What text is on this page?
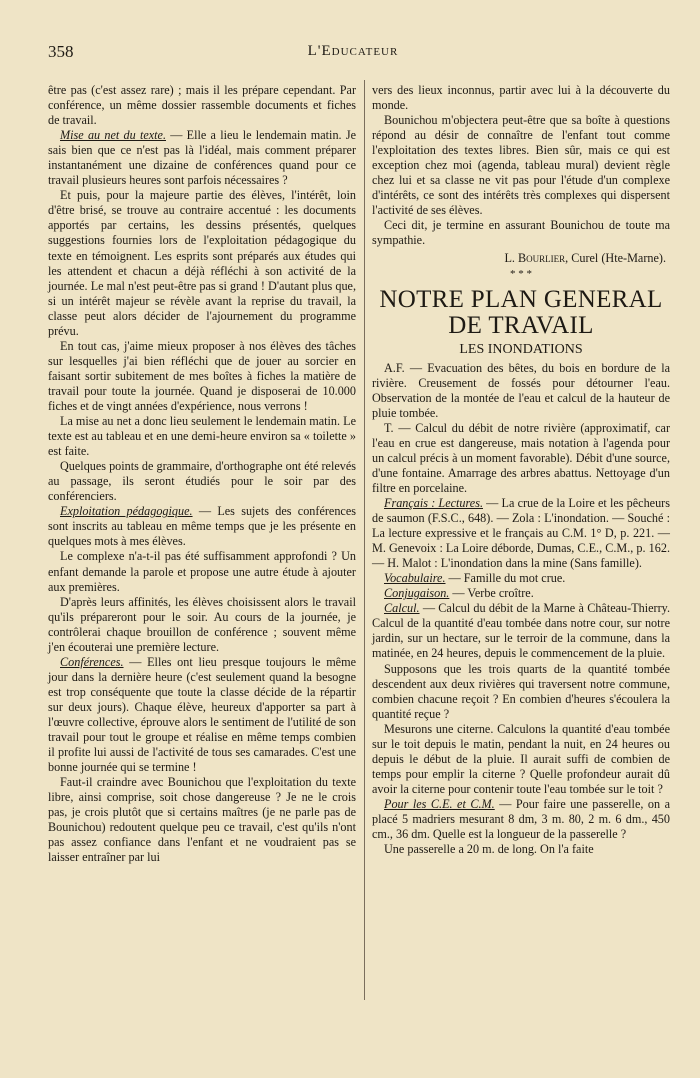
358	L'Educateur

être pas (c'est assez rare) ; mais il les prépare cependant. Par conférence, un même dossier rassemble documents et fiches de travail.

Mise au net du texte. — Elle a lieu le lendemain matin. Je sais bien que ce n'est pas là l'idéal, mais comment préparer instantanément une dizaine de conférences quand pour ce travail plusieurs heures sont parfois nécessaires ?

Et puis, pour la majeure partie des élèves, l'intérêt, loin d'être brisé, se trouve au contraire accentué : les documents apportés par certains, les dessins présentés, quelques suggestions fournies lors de l'exploitation pédagogique du texte en témoignent. Les esprits sont préparés aux études qui les attendent et chacun a déjà réfléchi à son activité de la journée. Le mal n'est peut-être pas si grand ! D'autant plus que, si un intérêt majeur se révèle avant la reprise du travail, la classe peut alors décider de l'ajournement du programme prévu.

En tout cas, j'aime mieux proposer à nos élèves des tâches sur lesquelles j'ai bien réfléchi que de jouer au sorcier en faisant sortir subitement de mes boîtes à fiches la matière de travail pour toute la journée. Quand je disposerai de 10.000 fiches et de vingt années d'expérience, nous verrons !

La mise au net a donc lieu seulement le lendemain matin. Le texte est au tableau et en une demi-heure environ sa « toilette » est faite.

Quelques points de grammaire, d'orthographe ont été relevés au passage, ils seront étudiés pour le soir par des conférenciers.

Exploitation pédagogique. — Les sujets des conférences sont inscrits au tableau en même temps que je les présente en quelques mots à mes élèves.

Le complexe n'a-t-il pas été suffisamment approfondi ? Un enfant demande la parole et propose une autre étude à ajouter aux premières.

D'après leurs affinités, les élèves choisissent alors le travail qu'ils prépareront pour le soir. Au cours de la journée, je contrôlerai chaque brouillon de conférence ; souvent même j'en écouterai une première lecture.

Conférences. — Elles ont lieu presque toujours le même jour dans la dernière heure (c'est seulement quand la besogne est trop conséquente que toute la classe décide de la répartir sur deux jours). Chaque élève, heureux d'apporter sa part à l'œuvre collective, éprouve alors le sentiment de l'utilité de son travail pour tout le groupe et réalise en même temps combien il profite lui aussi de l'activité de tous ses camarades. C'est une bonne journée qui se termine !

Faut-il craindre avec Bounichou que l'exploitation du texte libre, ainsi comprise, soit chose dangereuse ? Je ne le crois pas, je crois plutôt que si certains maîtres (je ne parle pas de Bounichou) redoutent quelque peu ce travail, c'est qu'ils n'ont pas assez confiance dans l'enfant et ne voudraient pas se laisser entraîner par lui

vers des lieux inconnus, partir avec lui à la découverte du monde.

Bounichou m'objectera peut-être que sa boîte à questions répond au désir de connaître de l'enfant tout comme l'exploitation des textes libres. Bien sûr, mais ce qui est exception chez moi (agenda, tableau mural) devient règle chez lui et sa classe ne vit pas pour l'étude d'un complexe d'intérêts, ce sont des intérêts très complexes qui dispersent l'activité de ses élèves.

Ceci dit, je termine en assurant Bounichou de toute ma sympathie.

L. Bourlier, Curel (Hte-Marne).

* * *
NOTRE PLAN GENERAL
DE TRAVAIL
LES INONDATIONS

A.F. — Evacuation des bêtes, du bois en bordure de la rivière. Creusement de fossés pour détourner l'eau. Observation de la montée de l'eau et calcul de la hauteur de pluie tombée.

T. — Calcul du débit de notre rivière (approximatif, car l'eau en crue est dangereuse, mais notation à l'agenda pour un calcul précis à un moment favorable). Débit d'une source, d'une fontaine. Amarrage des arbres abattus. Nettoyage d'un filtre en porcelaine.

Français : Lectures. — La crue de la Loire et les pêcheurs de saumon (F.S.C., 648). — Zola : L'inondation. — Souché : La lecture expressive et le français au C.M. 1° D, p. 221. — M. Genevoix : La Loire déborde, Dumas, C.E., C.M., p. 162. — H. Malot : L'inondation dans la mine (Sans famille).

Vocabulaire. — Famille du mot crue.

Conjugaison. — Verbe croître.

Calcul. — Calcul du débit de la Marne à Château-Thierry. Calcul de la quantité d'eau tombée dans notre cour, sur notre jardin, sur un hectare, sur le terroir de la commune, dans la matinée, en 24 heures, depuis le commencement de la pluie.

Supposons que les trois quarts de la quantité tombée descendent aux deux rivières qui traversent notre commune, combien chacune reçoit ? En combien d'heures s'écoulera la quantité reçue ?

Mesurons une citerne. Calculons la quantité d'eau tombée sur le toit depuis le matin, pendant la nuit, en 24 heures ou depuis le début de la pluie. Il aurait suffi de combien de temps pour emplir la citerne ? Quelle profondeur aurait dû avoir la citerne pour contenir toute l'eau tombée sur le toit ?

Pour les C.E. et C.M. — Pour faire une passerelle, on a placé 5 madriers mesurant 8 dm, 3 m. 80, 2 m. 6 dm., 450 cm., 36 dm. Quelle est la longueur de la passerelle ?

Une passerelle a 20 m. de long. On l'a faite
